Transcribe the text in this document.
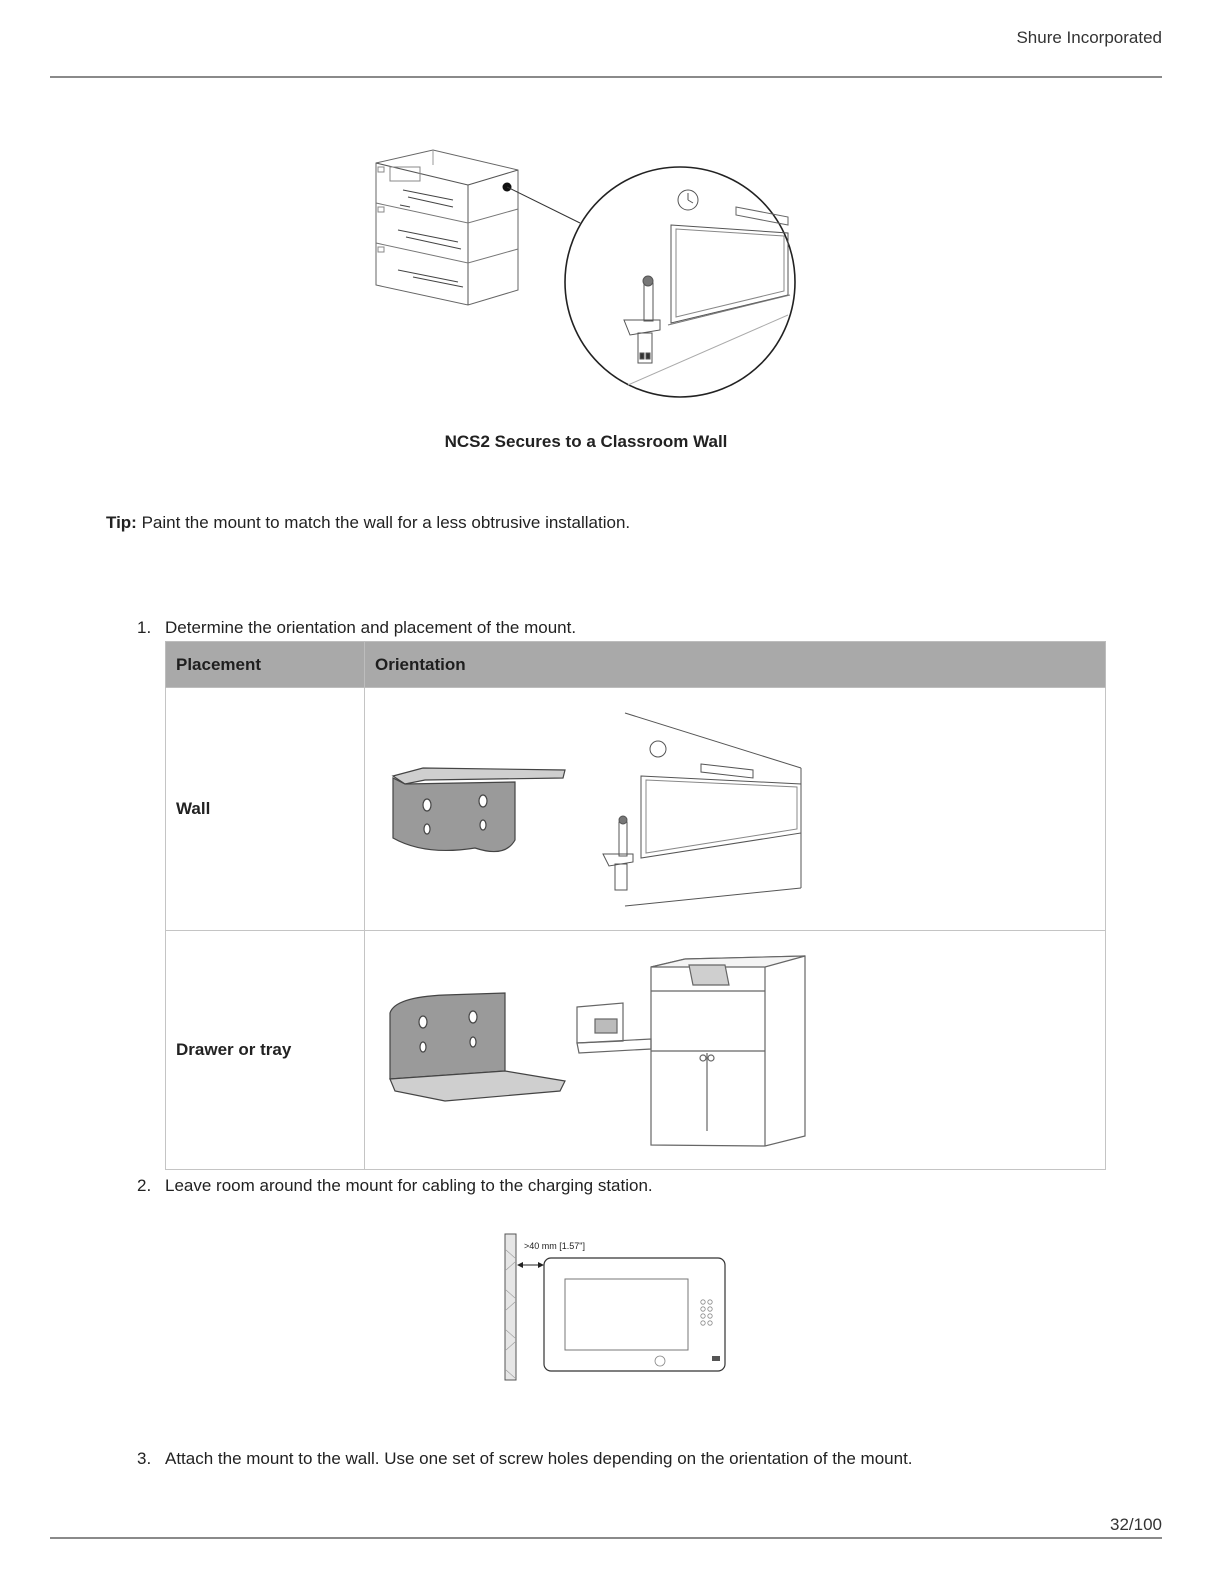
Shure Incorporated
NCS2 Secures to a Classroom Wall
Tip: Paint the mount to match the wall for a less obtrusive installation.
1. Determine the orientation and placement of the mount.
Placement	Orientation
Wall	

Drawer or tray	
2. Leave room around the mount for cabling to the charging station.
>40 mm [1.57"]
3. Attach the mount to the wall. Use one set of screw holes depending on the orientation of the mount.
32/100
